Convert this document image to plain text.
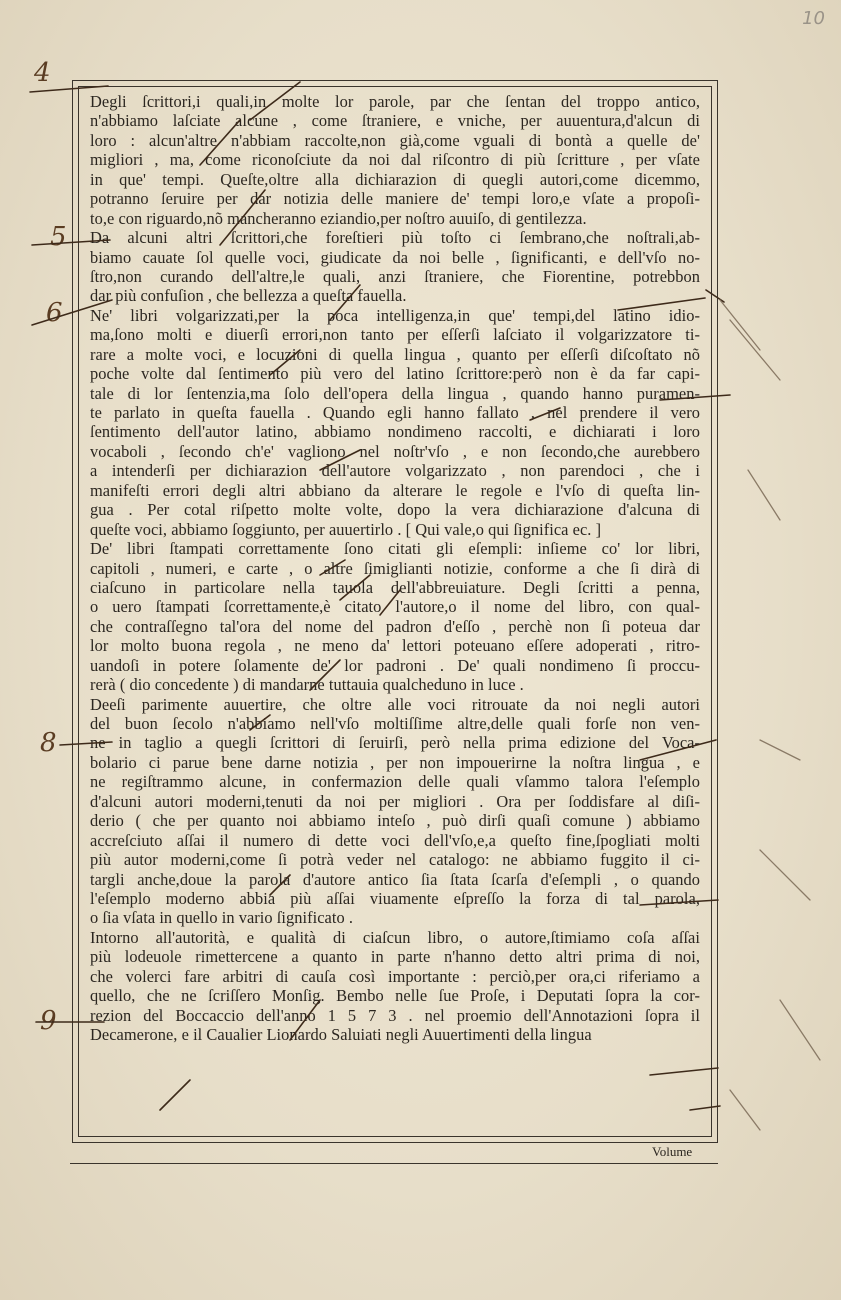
10
Degli ſcrittori,i quali,in molte lor parole, par che ſentan del troppo antico,
n'abbiamo laſciate alcune , come ſtraniere, e vniche, per auuentura,d'alcun di
loro : alcun'altre n'abbiam raccolte,non già,come vguali di bontà a quelle de'
migliori , ma, come riconoſciute da noi dal riſcontro di più ſcritture , per vſate
in que' tempi. Queſte,oltre alla dichiarazion di quegli autori,come dicemmo,
potranno ſeruire per dar notizia delle maniere de' tempi loro,e vſate a propoſi-
to,e con riguardo,nõ mancheranno eziandio,per noſtro auuiſo, di gentilezza.
Da alcuni altri ſcrittori,che foreſtieri più toſto ci ſembrano,che noſtrali,ab-
biamo cauate ſol quelle voci, giudicate da noi belle , ſignificanti, e dell'vſo no-
ſtro,non curando dell'altre,le quali, anzi ſtraniere, che Fiorentine, potrebbon
dar più confuſion , che bellezza a queſta fauella.
Ne' libri volgarizzati,per la poca intelligenza,in que' tempi,del latino idio-
ma,ſono molti e diuerſi errori,non tanto per eſſerſi laſciato il volgarizzatore ti-
rare a molte voci, e locuzioni di quella lingua , quanto per eſſerſi diſcoſtato nõ
poche volte dal ſentimento più vero del latino ſcrittore:però non è da far capi-
tale di lor ſentenzia,ma ſolo dell'opera della lingua , quando hanno puramen-
te parlato in queſta fauella . Quando egli hanno fallato , nel prendere il vero
ſentimento dell'autor latino, abbiamo nondimeno raccolti, e dichiarati i loro
vocaboli , ſecondo ch'e' vagliono nel noſtr'vſo , e non ſecondo,che aurebbero
a intenderſi per dichiarazion dell'autore volgarizzato , non parendoci , che i
manifeſti errori degli altri abbiano da alterare le regole e l'vſo di queſta lin-
gua . Per cotal riſpetto molte volte, dopo la vera dichiarazione d'alcuna di
queſte voci, abbiamo ſoggiunto, per auuertirlo . [ Qui vale,o qui ſignifica ec. ]
De' libri ſtampati correttamente ſono citati gli eſempli: inſieme co' lor libri,
capitoli , numeri, e carte , o altre ſimiglianti notizie, conforme a che ſi dirà di
ciaſcuno in particolare nella tauola dell'abbreuiature. Degli ſcritti a penna,
o uero ſtampati ſcorrettamente,è citato l'autore,o il nome del libro, con qual-
che contraſſegno tal'ora del nome del padron d'eſſo , perchè non ſi poteua dar
lor molto buona regola , ne meno da' lettori poteuano eſſere adoperati , ritro-
uandoſi in potere ſolamente de' lor padroni . De' quali nondimeno ſi proccu-
rerà ( dio concedente ) di mandarne tuttauia qualcheduno in luce .
Deeſi parimente auuertire, che oltre alle voci ritrouate da noi negli autori
del buon ſecolo n'abbiamo nell'vſo moltiſſime altre,delle quali forſe non ven-
ne in taglio a quegli ſcrittori di ſeruirſi, però nella prima edizione del Voca-
bolario ci parue bene darne notizia , per non impouerirne la noſtra lingua , e
ne regiſtrammo alcune, in confermazion delle quali vſammo talora l'eſemplo
d'alcuni autori moderni,tenuti da noi per migliori . Ora per ſoddisfare al diſi-
derio ( che per quanto noi abbiamo inteſo , può dirſi quaſi comune ) abbiamo
accreſciuto aſſai il numero di dette voci dell'vſo,e,a queſto fine,ſpogliati molti
più autor moderni,come ſi potrà veder nel catalogo: ne abbiamo fuggito il ci-
targli anche,doue la parola d'autore antico ſia ſtata ſcarſa d'eſempli , o quando
l'eſemplo moderno abbia più aſſai viuamente eſpreſſo la forza di tal parola,
o ſia vſata in quello in vario ſignificato .
Intorno all'autorità, e qualità di ciaſcun libro, o autore,ſtimiamo coſa aſſai
più lodeuole rimettercene a quanto in parte n'hanno detto altri prima di noi,
che volerci fare arbitri di cauſa così importante : perciò,per ora,ci riferiamo a
quello, che ne ſcriſſero Monſig. Bembo nelle ſue Proſe, i Deputati ſopra la cor-
rezion del Boccaccio dell'anno 1 5 7 3 . nel proemio dell'Annotazioni ſopra il
Decamerone, e il Caualier Lionardo Saluiati negli Auuertimenti della lingua
Volume
4
5
6
8
9
